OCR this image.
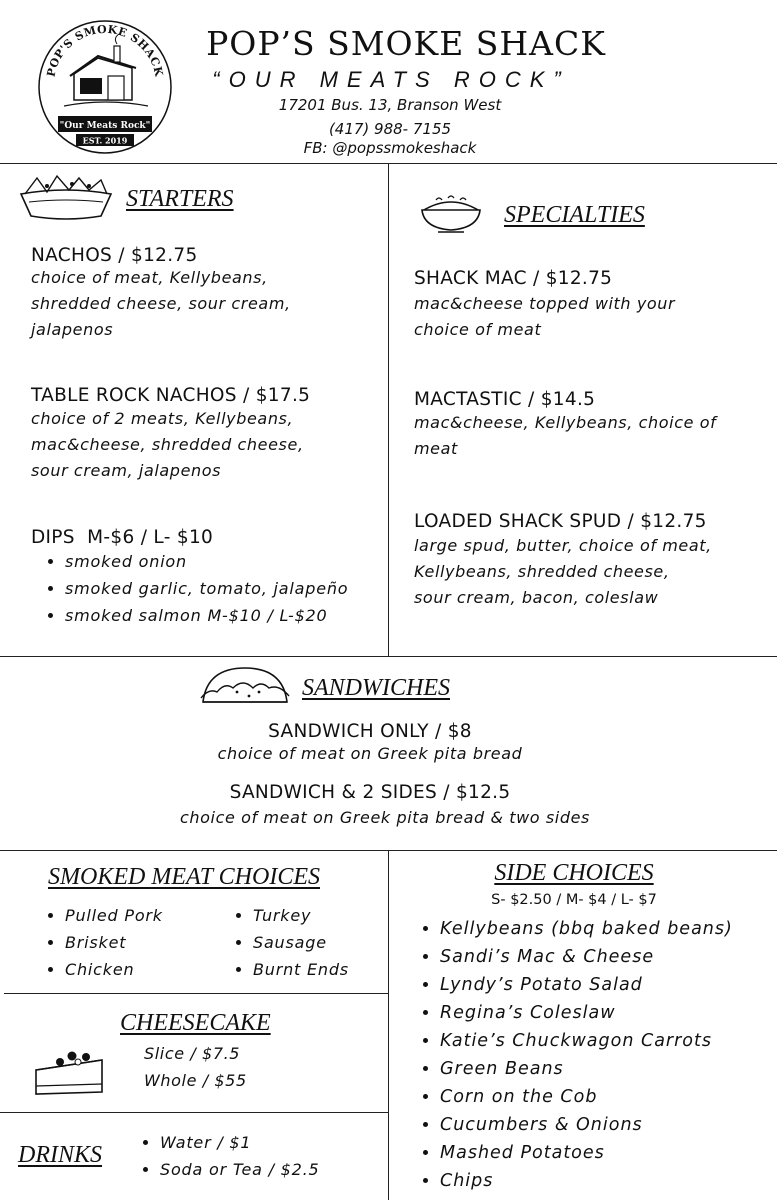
POP'S SMOKE SHACK
"Our Meats Rock"
EST. 2019
POP’S SMOKE SHACK
“OUR MEATS ROCK”
17201 Bus. 13, Branson West
(417) 988- 7155
FB: @popssmokeshack
STARTERS
NACHOS / $12.75
choice of meat, Kellybeans,
shredded cheese, sour cream,
jalapenos
TABLE ROCK NACHOS / $17.5
choice of 2 meats, Kellybeans,
mac&cheese, shredded cheese,
sour cream, jalapenos
DIPS  M-$6 / L- $10
• smoked onion
• smoked garlic, tomato, jalapeño
• smoked salmon M-$10 / L-$20
SPECIALTIES
SHACK MAC / $12.75
mac&cheese topped with your
choice of meat
MACTASTIC / $14.5
mac&cheese, Kellybeans, choice of
meat
LOADED SHACK SPUD / $12.75
large spud, butter, choice of meat,
Kellybeans, shredded cheese,
sour cream, bacon, coleslaw
SANDWICHES
SANDWICH ONLY / $8
choice of meat on Greek pita bread
SANDWICH & 2 SIDES / $12.5
choice of meat on Greek pita bread & two sides
SMOKED MEAT CHOICES
• Pulled Pork
• Brisket
• Chicken
• Turkey
• Sausage
• Burnt Ends
CHEESECAKE
Slice / $7.5
Whole / $55
DRINKS
•	Water / $1
• Soda or Tea / $2.5
SIDE CHOICES
S- $2.50 / M- $4 / L- $7
• Kellybeans (bbq baked beans)
• Sandi’s Mac & Cheese
• Lyndy’s Potato Salad
• Regina’s Coleslaw
• Katie’s Chuckwagon Carrots
• Green Beans
• Corn on the Cob
• Cucumbers & Onions
• Mashed Potatoes
• Chips
